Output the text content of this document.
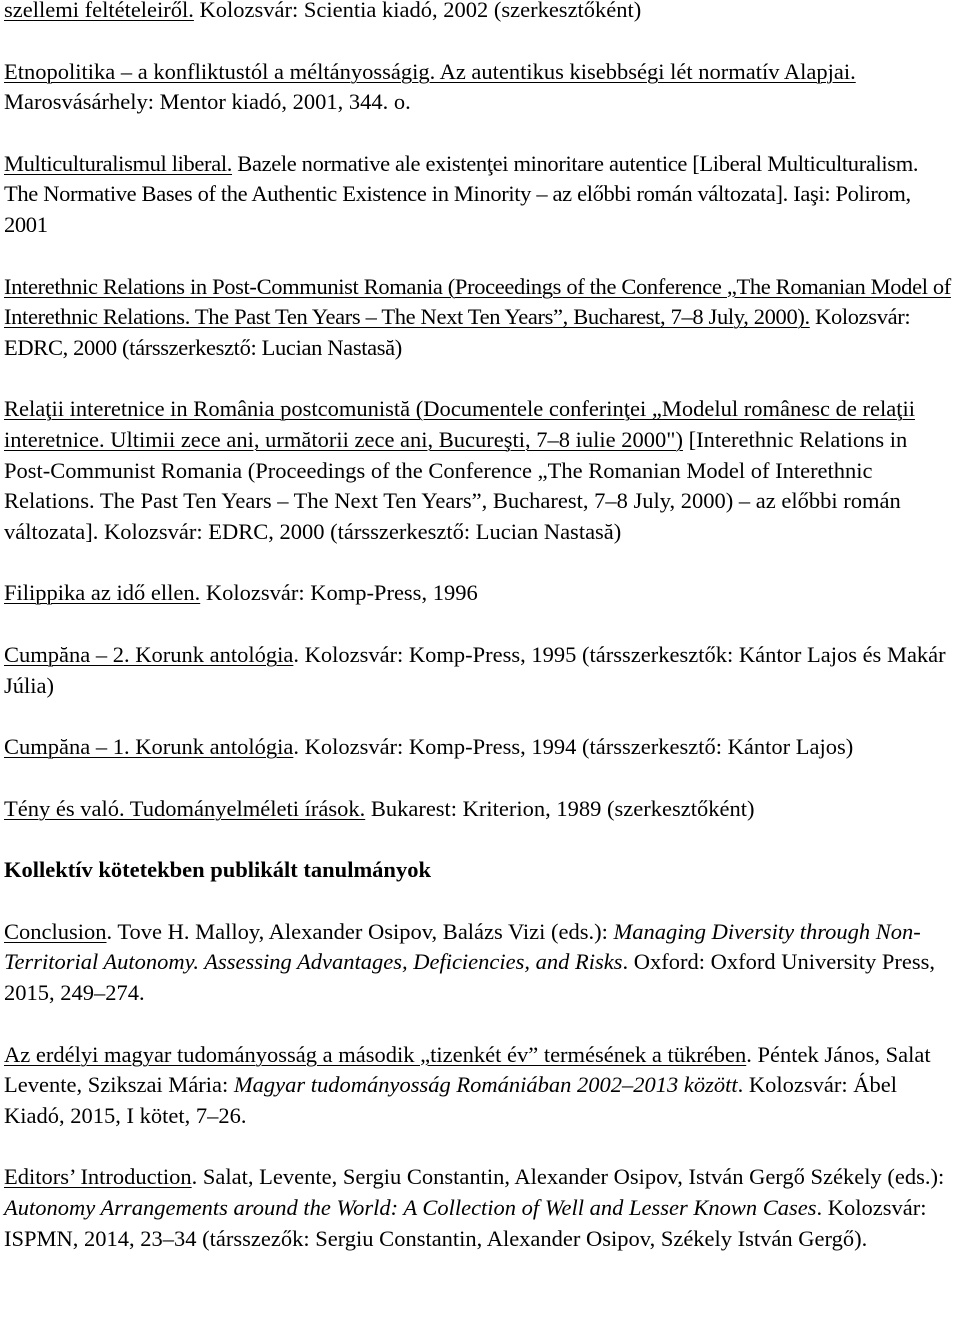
szellemi feltételeiről. Kolozsvár: Scientia kiadó, 2002 (szerkesztőként)

Etnopolitika – a konfliktustól a méltányosságig. Az autentikus kisebbségi lét normatív Alapjai. Marosvásárhely: Mentor kiadó, 2001, 344. o.

Multiculturalismul liberal. Bazele normative ale existenţei minoritare autentice [Liberal Multiculturalism. The Normative Bases of the Authentic Existence in Minority – az előbbi román változata]. Iaşi: Polirom, 2001

Interethnic Relations in Post-Communist Romania (Proceedings of the Conference „The Romanian Model of Interethnic Relations. The Past Ten Years – The Next Ten Years”, Bucharest, 7–8 July, 2000). Kolozsvár: EDRC, 2000 (társszerkesztő: Lucian Nastasă)

Relaţii interetnice in România postcomunistă (Documentele conferinţei „Modelul românesc de relaţii interetnice. Ultimii zece ani, următorii zece ani, Bucureşti, 7–8 iulie 2000") [Interethnic Relations in Post-Communist Romania (Proceedings of the Conference „The Romanian Model of Interethnic Relations. The Past Ten Years – The Next Ten Years”, Bucharest, 7–8 July, 2000) – az előbbi román változata]. Kolozsvár: EDRC, 2000 (társszerkesztő: Lucian Nastasă)

Filippika az idő ellen. Kolozsvár: Komp-Press, 1996

Cumpăna – 2. Korunk antológia. Kolozsvár: Komp-Press, 1995 (társszerkesztők: Kántor Lajos és Makár Júlia)

Cumpăna – 1. Korunk antológia. Kolozsvár: Komp-Press, 1994 (társszerkesztő: Kántor Lajos)

Tény és való. Tudományelméleti írások. Bukarest: Kriterion, 1989 (szerkesztőként)

Kollektív kötetekben publikált tanulmányok

Conclusion. Tove H. Malloy, Alexander Osipov, Balázs Vizi (eds.): Managing Diversity through Non-Territorial Autonomy. Assessing Advantages, Deficiencies, and Risks. Oxford: Oxford University Press, 2015, 249–274.

Az erdélyi magyar tudományosság a második „tizenkét év” termésének a tükrében. Péntek János, Salat Levente, Szikszai Mária: Magyar tudományosság Romániában 2002–2013 között. Kolozsvár: Ábel Kiadó, 2015, I kötet, 7–26.

Editors’ Introduction. Salat, Levente, Sergiu Constantin, Alexander Osipov, István Gergő Székely (eds.): Autonomy Arrangements around the World: A Collection of Well and Lesser Known Cases. Kolozsvár: ISPMN, 2014, 23–34 (társszezők: Sergiu Constantin, Alexander Osipov, Székely István Gergő).
